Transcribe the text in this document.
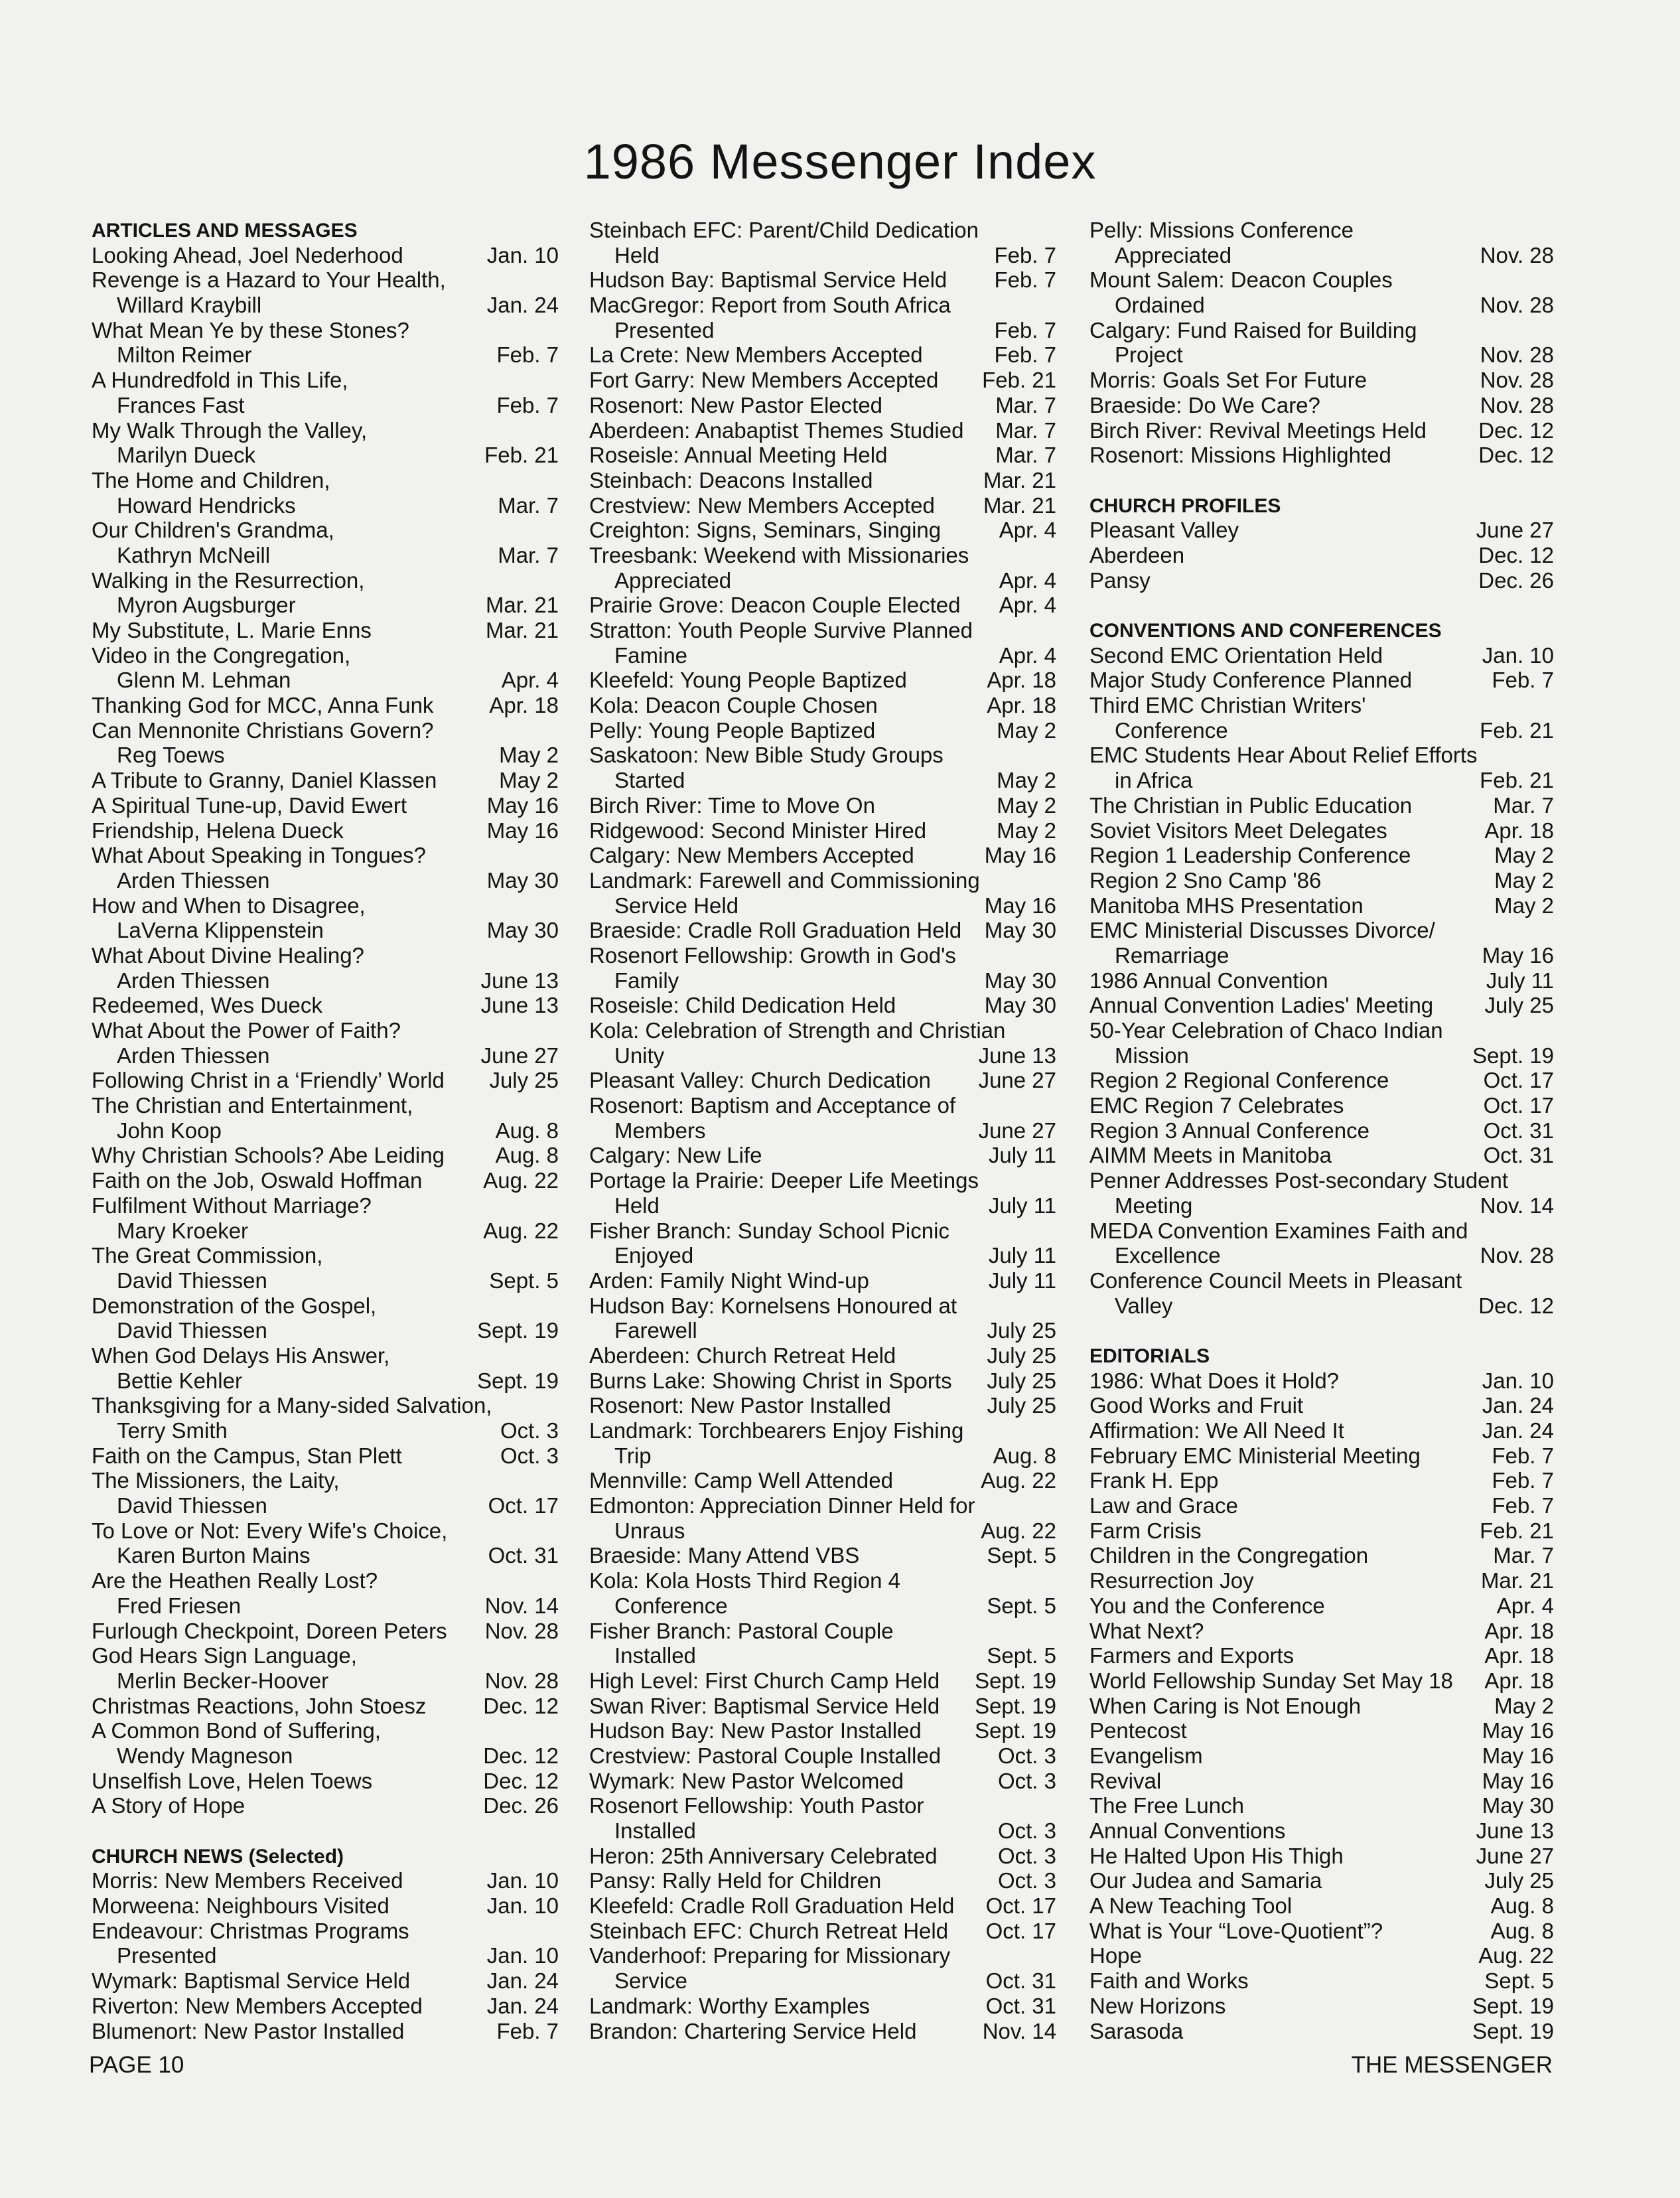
1986 Messenger Index
ARTICLES AND MESSAGES
Looking Ahead, Joel Nederhood	Jan. 10
Revenge is a Hazard to Your Health,
Willard Kraybill	Jan. 24
What Mean Ye by these Stones?
Milton Reimer	Feb. 7
A Hundredfold in This Life,
Frances Fast	Feb. 7
My Walk Through the Valley,
Marilyn Dueck	Feb. 21
The Home and Children,
Howard Hendricks	Mar. 7
Our Children's Grandma,
Kathryn McNeill	Mar. 7
Walking in the Resurrection,
Myron Augsburger	Mar. 21
My Substitute, L. Marie Enns	Mar. 21
Video in the Congregation,
Glenn M. Lehman	Apr. 4
Thanking God for MCC, Anna Funk	Apr. 18
Can Mennonite Christians Govern?
Reg Toews	May 2
A Tribute to Granny, Daniel Klassen	May 2
A Spiritual Tune-up, David Ewert	May 16
Friendship, Helena Dueck	May 16
What About Speaking in Tongues?
Arden Thiessen	May 30
How and When to Disagree,
LaVerna Klippenstein	May 30
What About Divine Healing?
Arden Thiessen	June 13
Redeemed, Wes Dueck	June 13
What About the Power of Faith?
Arden Thiessen	June 27
Following Christ in a ‘Friendly’ World	July 25
The Christian and Entertainment,
John Koop	Aug. 8
Why Christian Schools? Abe Leiding	Aug. 8
Faith on the Job, Oswald Hoffman	Aug. 22
Fulfilment Without Marriage?
Mary Kroeker	Aug. 22
The Great Commission,
David Thiessen	Sept. 5
Demonstration of the Gospel,
David Thiessen	Sept. 19
When God Delays His Answer,
Bettie Kehler	Sept. 19
Thanksgiving for a Many-sided Salvation,
Terry Smith	Oct. 3
Faith on the Campus, Stan Plett	Oct. 3
The Missioners, the Laity,
David Thiessen	Oct. 17
To Love or Not: Every Wife's Choice,
Karen Burton Mains	Oct. 31
Are the Heathen Really Lost?
Fred Friesen	Nov. 14
Furlough Checkpoint, Doreen Peters	Nov. 28
God Hears Sign Language,
Merlin Becker-Hoover	Nov. 28
Christmas Reactions, John Stoesz	Dec. 12
A Common Bond of Suffering,
Wendy Magneson	Dec. 12
Unselfish Love, Helen Toews	Dec. 12
A Story of Hope	Dec. 26
CHURCH NEWS (Selected)
Morris: New Members Received	Jan. 10
Morweena: Neighbours Visited	Jan. 10
Endeavour: Christmas Programs
Presented	Jan. 10
Wymark: Baptismal Service Held	Jan. 24
Riverton: New Members Accepted	Jan. 24
Blumenort: New Pastor Installed	Feb. 7
Steinbach EFC: Parent/Child Dedication
Held	Feb. 7
Hudson Bay: Baptismal Service Held	Feb. 7
MacGregor: Report from South Africa
Presented	Feb. 7
La Crete: New Members Accepted	Feb. 7
Fort Garry: New Members Accepted	Feb. 21
Rosenort: New Pastor Elected	Mar. 7
Aberdeen: Anabaptist Themes Studied	Mar. 7
Roseisle: Annual Meeting Held	Mar. 7
Steinbach: Deacons Installed	Mar. 21
Crestview: New Members Accepted	Mar. 21
Creighton: Signs, Seminars, Singing	Apr. 4
Treesbank: Weekend with Missionaries
Appreciated	Apr. 4
Prairie Grove: Deacon Couple Elected	Apr. 4
Stratton: Youth People Survive Planned
Famine	Apr. 4
Kleefeld: Young People Baptized	Apr. 18
Kola: Deacon Couple Chosen	Apr. 18
Pelly: Young People Baptized	May 2
Saskatoon: New Bible Study Groups
Started	May 2
Birch River: Time to Move On	May 2
Ridgewood: Second Minister Hired	May 2
Calgary: New Members Accepted	May 16
Landmark: Farewell and Commissioning
Service Held	May 16
Braeside: Cradle Roll Graduation Held	May 30
Rosenort Fellowship: Growth in God's
Family	May 30
Roseisle: Child Dedication Held	May 30
Kola: Celebration of Strength and Christian
Unity	June 13
Pleasant Valley: Church Dedication	June 27
Rosenort: Baptism and Acceptance of
Members	June 27
Calgary: New Life	July 11
Portage la Prairie: Deeper Life Meetings
Held	July 11
Fisher Branch: Sunday School Picnic
Enjoyed	July 11
Arden: Family Night Wind-up	July 11
Hudson Bay: Kornelsens Honoured at
Farewell	July 25
Aberdeen: Church Retreat Held	July 25
Burns Lake: Showing Christ in Sports	July 25
Rosenort: New Pastor Installed	July 25
Landmark: Torchbearers Enjoy Fishing
Trip	Aug. 8
Mennville: Camp Well Attended	Aug. 22
Edmonton: Appreciation Dinner Held for
Unraus	Aug. 22
Braeside: Many Attend VBS	Sept. 5
Kola: Kola Hosts Third Region 4
Conference	Sept. 5
Fisher Branch: Pastoral Couple
Installed	Sept. 5
High Level: First Church Camp Held	Sept. 19
Swan River: Baptismal Service Held	Sept. 19
Hudson Bay: New Pastor Installed	Sept. 19
Crestview: Pastoral Couple Installed	Oct. 3
Wymark: New Pastor Welcomed	Oct. 3
Rosenort Fellowship: Youth Pastor
Installed	Oct. 3
Heron: 25th Anniversary Celebrated	Oct. 3
Pansy: Rally Held for Children	Oct. 3
Kleefeld: Cradle Roll Graduation Held	Oct. 17
Steinbach EFC: Church Retreat Held	Oct. 17
Vanderhoof: Preparing for Missionary
Service	Oct. 31
Landmark: Worthy Examples	Oct. 31
Brandon: Chartering Service Held	Nov. 14
Pelly: Missions Conference
Appreciated	Nov. 28
Mount Salem: Deacon Couples
Ordained	Nov. 28
Calgary: Fund Raised for Building
Project	Nov. 28
Morris: Goals Set For Future	Nov. 28
Braeside: Do We Care?	Nov. 28
Birch River: Revival Meetings Held	Dec. 12
Rosenort: Missions Highlighted	Dec. 12
CHURCH PROFILES
Pleasant Valley	June 27
Aberdeen	Dec. 12
Pansy	Dec. 26
CONVENTIONS AND CONFERENCES
Second EMC Orientation Held	Jan. 10
Major Study Conference Planned	Feb. 7
Third EMC Christian Writers'
Conference	Feb. 21
EMC Students Hear About Relief Efforts
in Africa	Feb. 21
The Christian in Public Education	Mar. 7
Soviet Visitors Meet Delegates	Apr. 18
Region 1 Leadership Conference	May 2
Region 2 Sno Camp '86	May 2
Manitoba MHS Presentation	May 2
EMC Ministerial Discusses Divorce/
Remarriage	May 16
1986 Annual Convention	July 11
Annual Convention Ladies' Meeting	July 25
50-Year Celebration of Chaco Indian
Mission	Sept. 19
Region 2 Regional Conference	Oct. 17
EMC Region 7 Celebrates	Oct. 17
Region 3 Annual Conference	Oct. 31
AIMM Meets in Manitoba	Oct. 31
Penner Addresses Post-secondary Student
Meeting	Nov. 14
MEDA Convention Examines Faith and
Excellence	Nov. 28
Conference Council Meets in Pleasant
Valley	Dec. 12
EDITORIALS
1986: What Does it Hold?	Jan. 10
Good Works and Fruit	Jan. 24
Affirmation: We All Need It	Jan. 24
February EMC Ministerial Meeting	Feb. 7
Frank H. Epp	Feb. 7
Law and Grace	Feb. 7
Farm Crisis	Feb. 21
Children in the Congregation	Mar. 7
Resurrection Joy	Mar. 21
You and the Conference	Apr. 4
What Next?	Apr. 18
Farmers and Exports	Apr. 18
World Fellowship Sunday Set May 18	Apr. 18
When Caring is Not Enough	May 2
Pentecost	May 16
Evangelism	May 16
Revival	May 16
The Free Lunch	May 30
Annual Conventions	June 13
He Halted Upon His Thigh	June 27
Our Judea and Samaria	July 25
A New Teaching Tool	Aug. 8
What is Your “Love-Quotient”?	Aug. 8
Hope	Aug. 22
Faith and Works	Sept. 5
New Horizons	Sept. 19
Sarasoda	Sept. 19
PAGE 10	THE MESSENGER
